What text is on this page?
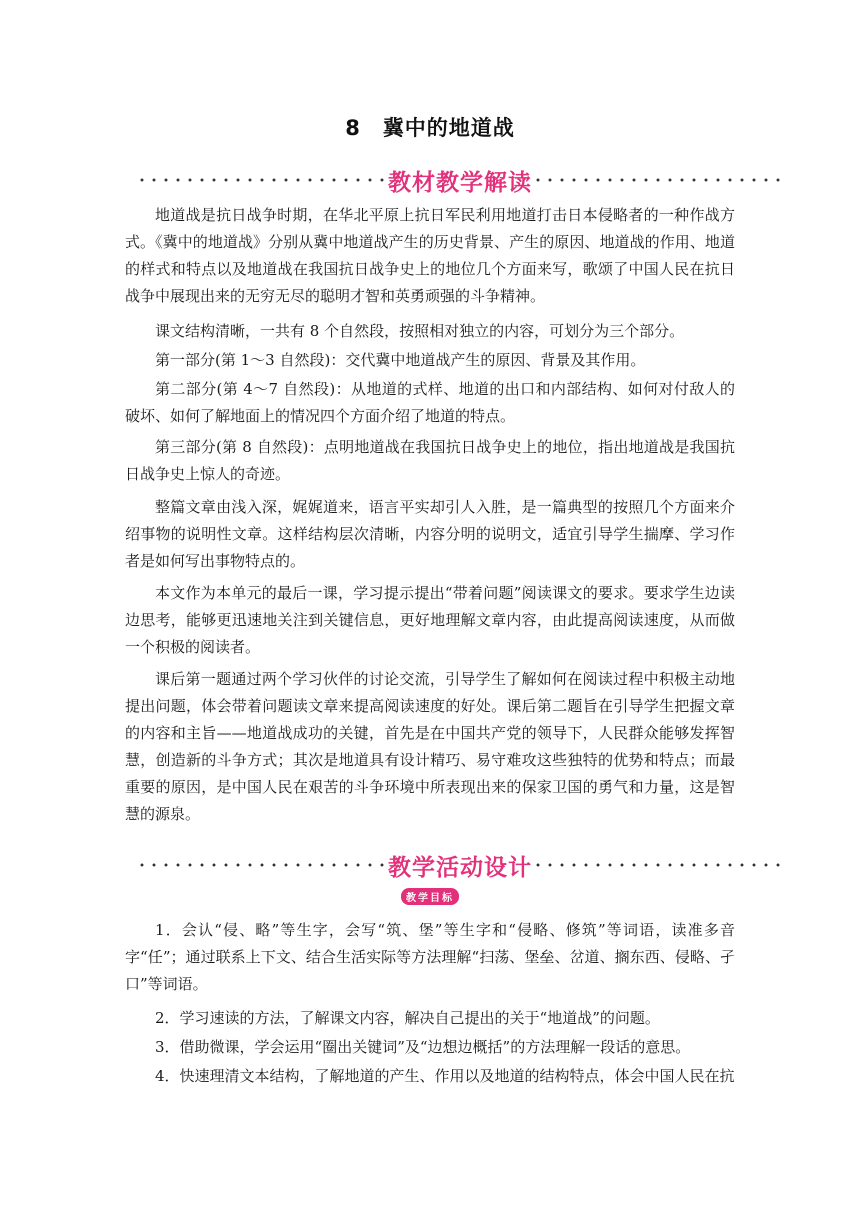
8 冀中的地道战
教材教学解读

地道战是抗日战争时期，在华北平原上抗日军民利用地道打击日本侵略者的一种作战方式。《冀中的地道战》分别从冀中地道战产生的历史背景、产生的原因、地道战的作用、地道的样式和特点以及地道战在我国抗日战争史上的地位几个方面来写，歌颂了中国人民在抗日战争中展现出来的无穷无尽的聪明才智和英勇顽强的斗争精神。

课文结构清晰，一共有 8 个自然段，按照相对独立的内容，可划分为三个部分。

第一部分(第 1～3 自然段)：交代冀中地道战产生的原因、背景及其作用。

第二部分(第 4～7 自然段)：从地道的式样、地道的出口和内部结构、如何对付敌人的破坏、如何了解地面上的情况四个方面介绍了地道的特点。

第三部分(第 8 自然段)：点明地道战在我国抗日战争史上的地位，指出地道战是我国抗日战争史上惊人的奇迹。

整篇文章由浅入深，娓娓道来，语言平实却引人入胜，是一篇典型的按照几个方面来介绍事物的说明性文章。这样结构层次清晰，内容分明的说明文，适宜引导学生揣摩、学习作者是如何写出事物特点的。

本文作为本单元的最后一课，学习提示提出“带着问题”阅读课文的要求。要求学生边读边思考，能够更迅速地关注到关键信息，更好地理解文章内容，由此提高阅读速度，从而做一个积极的阅读者。

课后第一题通过两个学习伙伴的讨论交流，引导学生了解如何在阅读过程中积极主动地提出问题，体会带着问题读文章来提高阅读速度的好处。课后第二题旨在引导学生把握文章的内容和主旨——地道战成功的关键，首先是在中国共产党的领导下，人民群众能够发挥智慧，创造新的斗争方式；其次是地道具有设计精巧、易守难攻这些独特的优势和特点；而最重要的原因，是中国人民在艰苦的斗争环境中所表现出来的保家卫国的勇气和力量，这是智慧的源泉。

教学活动设计
教学目标

1．会认“侵、略”等生字，会写“筑、堡”等生字和“侵略、修筑”等词语，读准多音字“任”；通过联系上下文、结合生活实际等方法理解“扫荡、堡垒、岔道、搁东西、侵略、孑口”等词语。

2．学习速读的方法，了解课文内容，解决自己提出的关于“地道战”的问题。

3．借助微课，学会运用“圈出关键词”及“边想边概括”的方法理解一段话的意思。

4．快速理清文本结构，了解地道的产生、作用以及地道的结构特点，体会中国人民在抗
